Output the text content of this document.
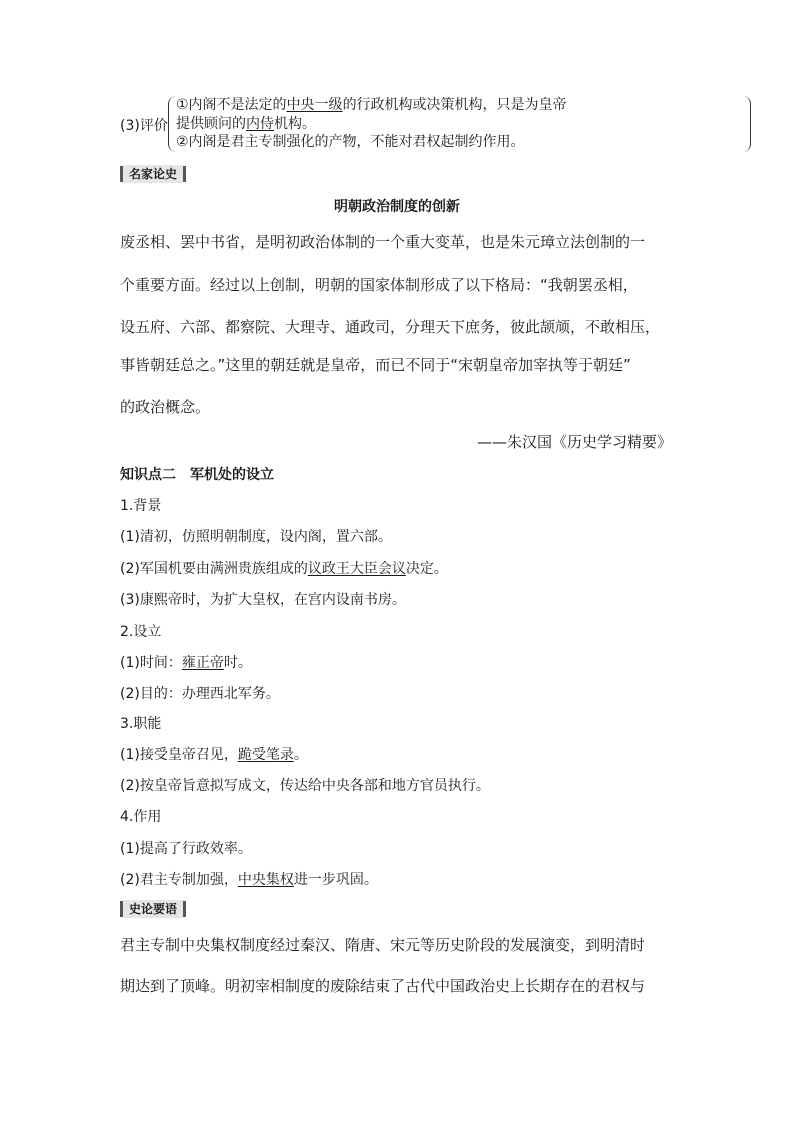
(3)评价
①内阁不是法定的中央一级的行政机构或决策机构，只是为皇帝
提供顾问的内侍机构。
②内阁是君主专制强化的产物，不能对君权起制约作用。
名家论史
明朝政治制度的创新
废丞相、罢中书省，是明初政治体制的一个重大变革，也是朱元璋立法创制的一
个重要方面。经过以上创制，明朝的国家体制形成了以下格局：“我朝罢丞相，
设五府、六部、都察院、大理寺、通政司，分理天下庶务，彼此颉颃，不敢相压，
事皆朝廷总之。”这里的朝廷就是皇帝，而已不同于“宋朝皇帝加宰执等于朝廷”
的政治概念。
——朱汉国《历史学习精要》
知识点二　军机处的设立
1.背景
(1)清初，仿照明朝制度，设内阁，置六部。
(2)军国机要由满洲贵族组成的议政王大臣会议决定。
(3)康熙帝时，为扩大皇权，在宫内设南书房。
2.设立
(1)时间：雍正帝时。
(2)目的：办理西北军务。
3.职能
(1)接受皇帝召见，跪受笔录。
(2)按皇帝旨意拟写成文，传达给中央各部和地方官员执行。
4.作用
(1)提高了行政效率。
(2)君主专制加强，中央集权进一步巩固。
史论要语
君主专制中央集权制度经过秦汉、隋唐、宋元等历史阶段的发展演变，到明清时
期达到了顶峰。明初宰相制度的废除结束了古代中国政治史上长期存在的君权与
